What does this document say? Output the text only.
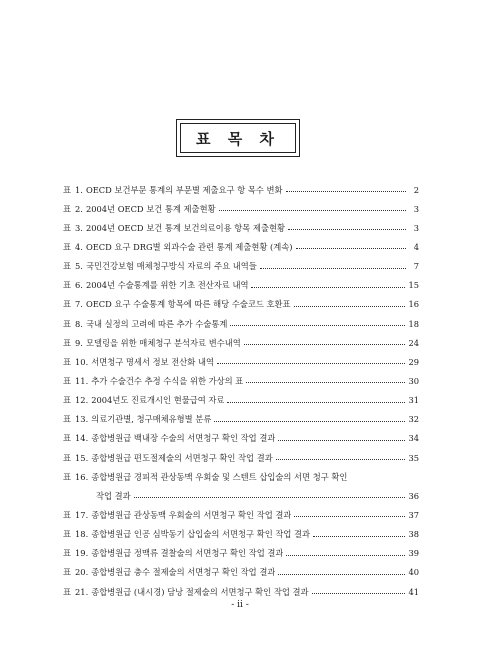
표 목 차
표 1. OECD 보건부문 통계의 부문별 제출요구 항 목수 변화	2
표 2. 2004년 OECD 보건 통계 제출현황	3
표 3. 2004년 OECD 보건 통계 보건의료이용 항목 제출현황	3
표 4. OECD 요구 DRG별 외과수술 관련 통계 제출현황 (계속)	4
표 5. 국민건강보험 매체청구방식 자료의 주요 내역들	7
표 6. 2004년 수술통계를 위한 기초 전산자료 내역	15
표 7. OECD 요구 수술통계 항목에 따른 해당 수술코드 호환표	16
표 8. 국내 실정의 고려에 따른 추가 수술통계	18
표 9. 모델링을 위한 매체청구 분석자료 변수내역	24
표 10. 서면청구 명세서 정보 전산화 내역	29
표 11. 추가 수술건수 추정 수식을 위한 가상의 표	30
표 12. 2004년도 진료개시인 현물급여 자료	31
표 13. 의료기관별, 청구매체유형별 분류	32
표 14. 종합병원급 백내장 수술의 서면청구 확인 작업 결과	34
표 15. 종합병원급 편도절제술의 서면청구 확인 작업 결과	35
표 16. 종합병원급 경피적 관상동맥 우회술 및 스텐트 삽입술의 서면 청구 확인
작업 결과	36
표 17. 종합병원급 관상동맥 우회술의 서면청구 확인 작업 결과	37
표 18. 종합병원급 인공 심박동기 삽입술의 서면청구 확인 작업 결과	38
표 19. 종합병원급 정맥류 결찰술의 서면청구 확인 작업 결과	39
표 20. 종합병원급 충수 절제술의 서면청구 확인 작업 결과	40
표 21. 종합병원급 (내시경) 담낭 절제술의 서면청구 확인 작업 결과	41
- ii -
